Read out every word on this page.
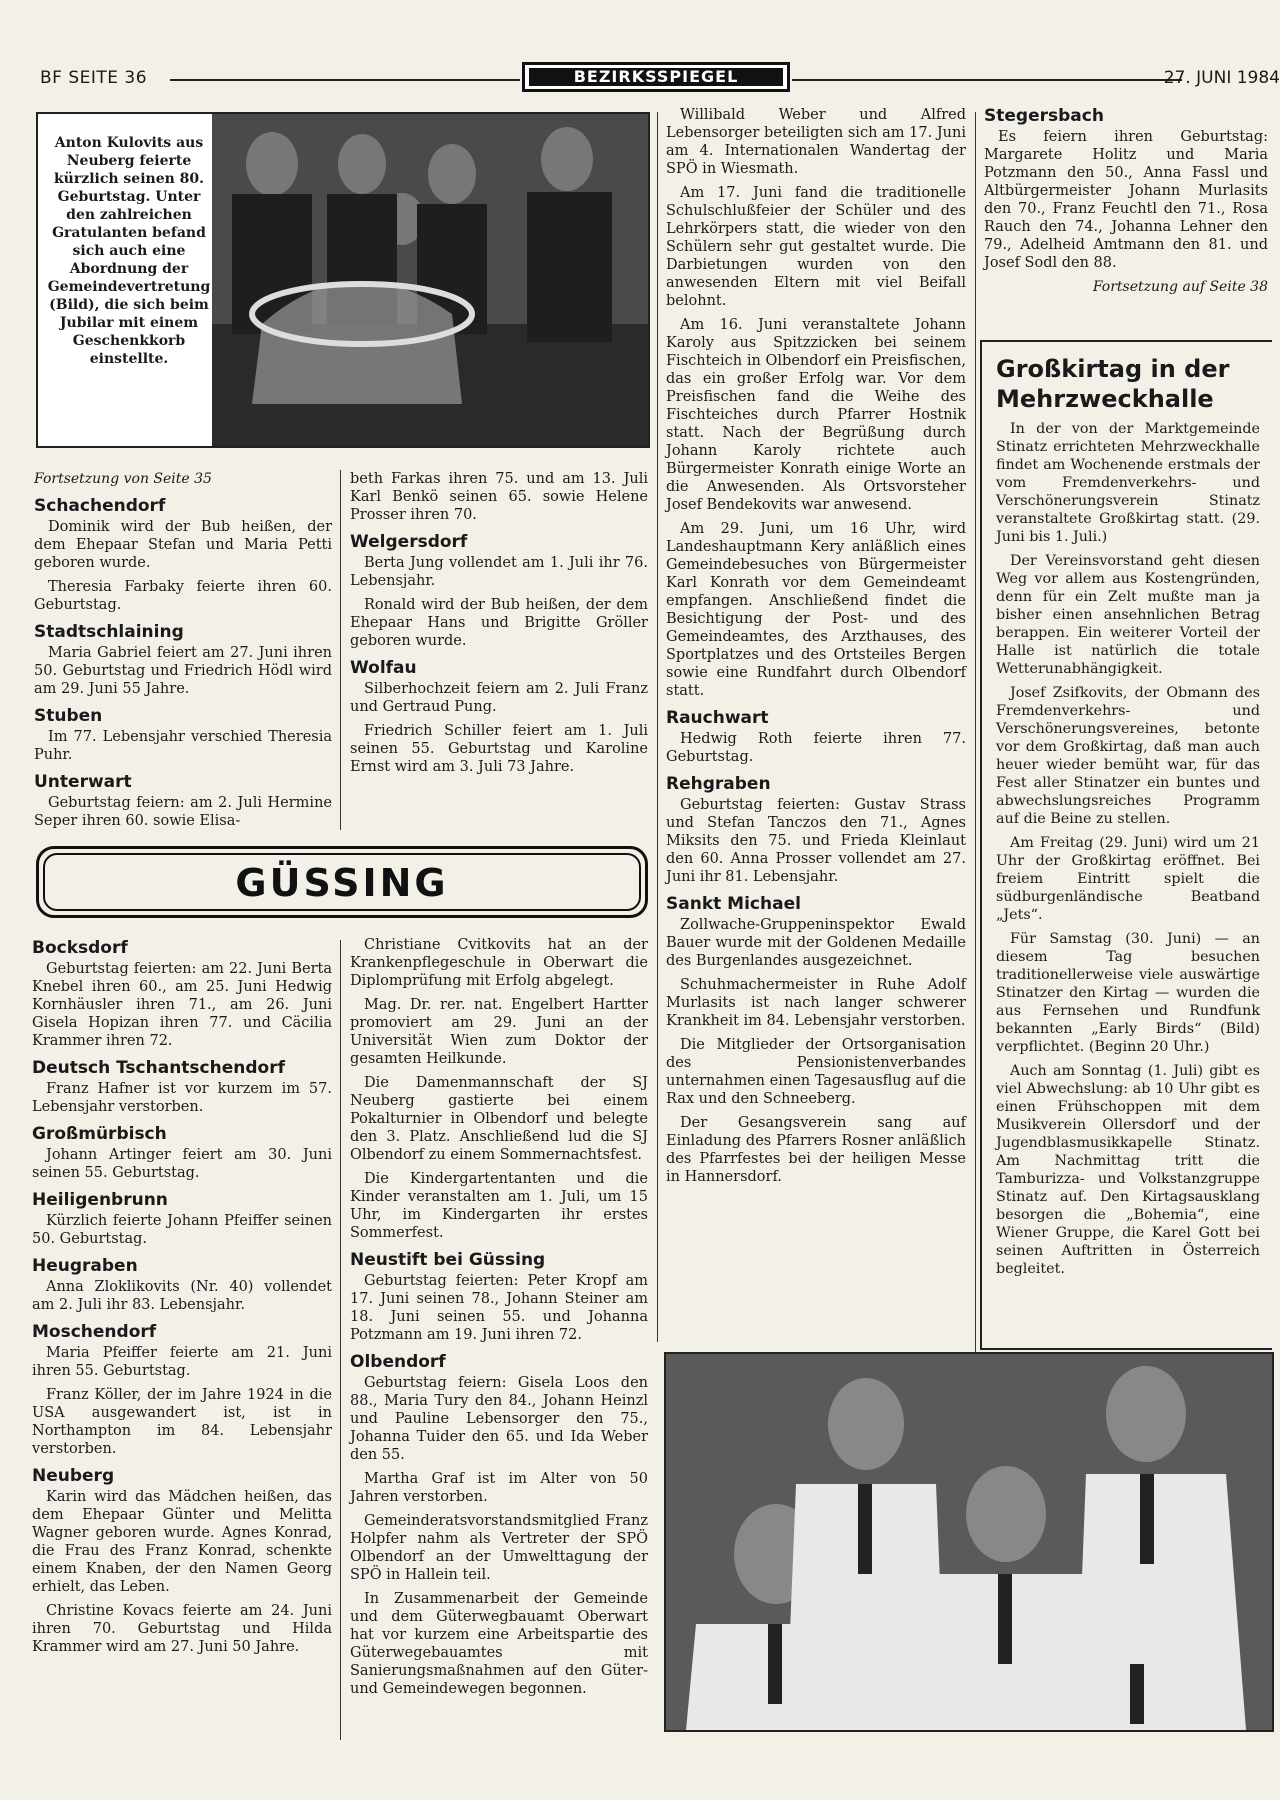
BF SEITE 36	BEZIRKSSPIEGEL	27. JUNI 1984
Anton Kulovits aus Neuberg feierte kürzlich seinen 80. Geburtstag. Unter den zahlreichen Gratulanten befand sich auch eine Abordnung der Gemeindevertretung (Bild), die sich beim Jubilar mit einem Geschenkkorb einstellte.
Fortsetzung von Seite 35
Schachendorf

Dominik wird der Bub heißen, der dem Ehepaar Stefan und Maria Petti geboren wurde.

Theresia Farbaky feierte ihren 60. Geburtstag.

Stadtschlaining

Maria Gabriel feiert am 27. Juni ihren 50. Geburtstag und Friedrich Hödl wird am 29. Juni 55 Jahre.

Stuben

Im 77. Lebensjahr verschied Theresia Puhr.

Unterwart

Geburtstag feiern: am 2. Juli Hermine Seper ihren 60. sowie Elisa-

beth Farkas ihren 75. und am 13. Juli Karl Benkö seinen 65. sowie Helene Prosser ihren 70.

Welgersdorf

Berta Jung vollendet am 1. Juli ihr 76. Lebensjahr.

Ronald wird der Bub heißen, der dem Ehepaar Hans und Brigitte Gröller geboren wurde.

Wolfau

Silberhochzeit feiern am 2. Juli Franz und Gertraud Pung.

Friedrich Schiller feiert am 1. Juli seinen 55. Geburtstag und Karoline Ernst wird am 3. Juli 73 Jahre.

Willibald Weber und Alfred Lebensorger beteiligten sich am 17. Juni am 4. Internationalen Wandertag der SPÖ in Wiesmath.

Am 17. Juni fand die traditionelle Schulschlußfeier der Schüler und des Lehrkörpers statt, die wieder von den Schülern sehr gut gestaltet wurde. Die Darbietungen wurden von den anwesenden Eltern mit viel Beifall belohnt.

Am 16. Juni veranstaltete Johann Karoly aus Spitzzicken bei seinem Fischteich in Olbendorf ein Preisfischen, das ein großer Erfolg war. Vor dem Preisfischen fand die Weihe des Fischteiches durch Pfarrer Hostnik statt. Nach der Begrüßung durch Johann Karoly richtete auch Bürgermeister Konrath einige Worte an die Anwesenden. Als Ortsvorsteher Josef Bendekovits war anwesend.

Am 29. Juni, um 16 Uhr, wird Landeshauptmann Kery anläßlich eines Gemeindebesuches von Bürgermeister Karl Konrath vor dem Gemeindeamt empfangen. Anschließend findet die Besichtigung der Post- und des Gemeindeamtes, des Arzthauses, des Sportplatzes und des Ortsteiles Bergen sowie eine Rundfahrt durch Olbendorf statt.

Rauchwart

Hedwig Roth feierte ihren 77. Geburtstag.

Rehgraben

Geburtstag feierten: Gustav Strass und Stefan Tanczos den 71., Agnes Miksits den 75. und Frieda Kleinlaut den 60. Anna Prosser vollendet am 27. Juni ihr 81. Lebensjahr.

Sankt Michael

Zollwache-Gruppeninspektor Ewald Bauer wurde mit der Goldenen Medaille des Burgenlandes ausgezeichnet.

Schuhmachermeister in Ruhe Adolf Murlasits ist nach langer schwerer Krankheit im 84. Lebensjahr verstorben.

Die Mitglieder der Ortsorganisation des Pensionistenverbandes unternahmen einen Tagesausflug auf die Rax und den Schneeberg.

Der Gesangsverein sang auf Einladung des Pfarrers Rosner anläßlich des Pfarrfestes bei der heiligen Messe in Hannersdorf.

Stegersbach

Es feiern ihren Geburtstag: Margarete Holitz und Maria Potzmann den 50., Anna Fassl und Altbürgermeister Johann Murlasits den 70., Franz Feuchtl den 71., Rosa Rauch den 74., Johanna Lehner den 79., Adelheid Amtmann den 81. und Josef Sodl den 88.

Fortsetzung auf Seite 38
Großkirtag in der Mehrzweckhalle

In der von der Marktgemeinde Stinatz errichteten Mehrzweckhalle findet am Wochenende erstmals der vom Fremdenverkehrs- und Verschönerungsverein Stinatz veranstaltete Großkirtag statt. (29. Juni bis 1. Juli.)

Der Vereinsvorstand geht diesen Weg vor allem aus Kostengründen, denn für ein Zelt mußte man ja bisher einen ansehnlichen Betrag berappen. Ein weiterer Vorteil der Halle ist natürlich die totale Wetterunabhängigkeit.

Josef Zsifkovits, der Obmann des Fremdenverkehrs- und Verschönerungsvereines, betonte vor dem Großkirtag, daß man auch heuer wieder bemüht war, für das Fest aller Stinatzer ein buntes und abwechslungsreiches Programm auf die Beine zu stellen.

Am Freitag (29. Juni) wird um 21 Uhr der Großkirtag eröffnet. Bei freiem Eintritt spielt die südburgenländische Beatband „Jets“.

Für Samstag (30. Juni) — an diesem Tag besuchen traditionellerweise viele auswärtige Stinatzer den Kirtag — wurden die aus Fernsehen und Rundfunk bekannten „Early Birds“ (Bild) verpflichtet. (Beginn 20 Uhr.)

Auch am Sonntag (1. Juli) gibt es viel Abwechslung: ab 10 Uhr gibt es einen Frühschoppen mit dem Musikverein Ollersdorf und der Jugendblasmusikkapelle Stinatz. Am Nachmittag tritt die Tamburizza- und Volkstanzgruppe Stinatz auf. Den Kirtagsausklang besorgen die „Bohemia“, eine Wiener Gruppe, die Karel Gott bei seinen Auftritten in Österreich begleitet.

GÜSSING
Bocksdorf

Geburtstag feierten: am 22. Juni Berta Knebel ihren 60., am 25. Juni Hedwig Kornhäusler ihren 71., am 26. Juni Gisela Hopizan ihren 77. und Cäcilia Krammer ihren 72.

Deutsch Tschantschendorf

Franz Hafner ist vor kurzem im 57. Lebensjahr verstorben.

Großmürbisch

Johann Artinger feiert am 30. Juni seinen 55. Geburtstag.

Heiligenbrunn

Kürzlich feierte Johann Pfeiffer seinen 50. Geburtstag.

Heugraben

Anna Zloklikovits (Nr. 40) vollendet am 2. Juli ihr 83. Lebensjahr.

Moschendorf

Maria Pfeiffer feierte am 21. Juni ihren 55. Geburtstag.

Franz Köller, der im Jahre 1924 in die USA ausgewandert ist, ist in Northampton im 84. Lebensjahr verstorben.

Neuberg

Karin wird das Mädchen heißen, das dem Ehepaar Günter und Melitta Wagner geboren wurde. Agnes Konrad, die Frau des Franz Konrad, schenkte einem Knaben, der den Namen Georg erhielt, das Leben.

Christine Kovacs feierte am 24. Juni ihren 70. Geburtstag und Hilda Krammer wird am 27. Juni 50 Jahre.

Christiane Cvitkovits hat an der Krankenpflegeschule in Oberwart die Diplomprüfung mit Erfolg abgelegt.

Mag. Dr. rer. nat. Engelbert Hartter promoviert am 29. Juni an der Universität Wien zum Doktor der gesamten Heilkunde.

Die Damenmannschaft der SJ Neuberg gastierte bei einem Pokalturnier in Olbendorf und belegte den 3. Platz. Anschließend lud die SJ Olbendorf zu einem Sommernachtsfest.

Die Kindergartentanten und die Kinder veranstalten am 1. Juli, um 15 Uhr, im Kindergarten ihr erstes Sommerfest.

Neustift bei Güssing

Geburtstag feierten: Peter Kropf am 17. Juni seinen 78., Johann Steiner am 18. Juni seinen 55. und Johanna Potzmann am 19. Juni ihren 72.

Olbendorf

Geburtstag feiern: Gisela Loos den 88., Maria Tury den 84., Johann Heinzl und Pauline Lebensorger den 75., Johanna Tuider den 65. und Ida Weber den 55.

Martha Graf ist im Alter von 50 Jahren verstorben.

Gemeinderatsvorstandsmitglied Franz Holpfer nahm als Vertreter der SPÖ Olbendorf an der Umwelttagung der SPÖ in Hallein teil.

In Zusammenarbeit der Gemeinde und dem Güterwegbauamt Oberwart hat vor kurzem eine Arbeitspartie des Güterwegebauamtes mit Sanierungsmaßnahmen auf den Güter- und Gemeindewegen begonnen.
